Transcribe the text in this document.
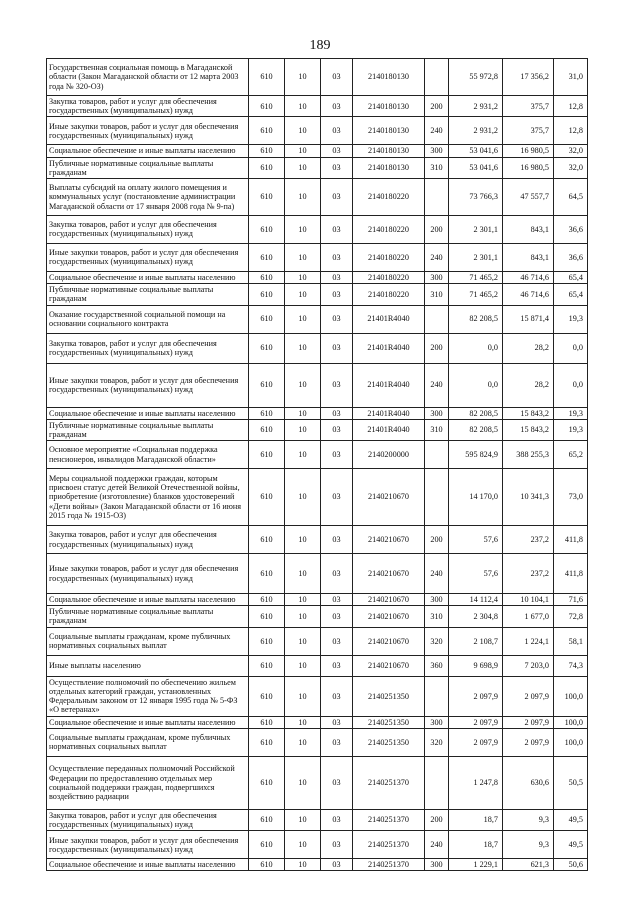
189
Государственная социальная помощь в Магаданской области (Закон Магаданской области от 12 марта 2003 года № 320-ОЗ)	610	10	03	2140180130		55 972,8	17 356,2	31,0
Закупка товаров, работ и услуг для обеспечения государственных (муниципальных) нужд	610	10	03	2140180130	200	2 931,2	375,7	12,8
Иные закупки товаров, работ и услуг для обеспечения государственных (муниципальных) нужд	610	10	03	2140180130	240	2 931,2	375,7	12,8
Социальное обеспечение и иные выплаты населению	610	10	03	2140180130	300	53 041,6	16 980,5	32,0
Публичные нормативные социальные выплаты гражданам	610	10	03	2140180130	310	53 041,6	16 980,5	32,0
Выплаты субсидий на оплату жилого помещения и коммунальных услуг (постановление администрации Магаданской области от 17 января 2008 года № 9-па)	610	10	03	2140180220		73 766,3	47 557,7	64,5
Закупка товаров, работ и услуг для обеспечения государственных (муниципальных) нужд	610	10	03	2140180220	200	2 301,1	843,1	36,6
Иные закупки товаров, работ и услуг для обеспечения государственных (муниципальных) нужд	610	10	03	2140180220	240	2 301,1	843,1	36,6
Социальное обеспечение и иные выплаты населению	610	10	03	2140180220	300	71 465,2	46 714,6	65,4
Публичные нормативные социальные выплаты гражданам	610	10	03	2140180220	310	71 465,2	46 714,6	65,4
Оказание государственной социальной помощи на основании социального контракта	610	10	03	21401R4040		82 208,5	15 871,4	19,3
Закупка товаров, работ и услуг для обеспечения государственных (муниципальных) нужд	610	10	03	21401R4040	200	0,0	28,2	0,0
Иные закупки товаров, работ и услуг для обеспечения государственных (муниципальных) нужд	610	10	03	21401R4040	240	0,0	28,2	0,0
Социальное обеспечение и иные выплаты населению	610	10	03	21401R4040	300	82 208,5	15 843,2	19,3
Публичные нормативные социальные выплаты гражданам	610	10	03	21401R4040	310	82 208,5	15 843,2	19,3
Основное мероприятие «Социальная поддержка пенсионеров, инвалидов Магаданской области»	610	10	03	2140200000		595 824,9	388 255,3	65,2
Меры социальной поддержки граждан, которым присвоен статус детей Великой Отечественной войны, приобретение (изготовление) бланков удостоверений «Дети войны» (Закон Магаданской области от 16 июня 2015 года № 1915-ОЗ)	610	10	03	2140210670		14 170,0	10 341,3	73,0
Закупка товаров, работ и услуг для обеспечения государственных (муниципальных) нужд	610	10	03	2140210670	200	57,6	237,2	411,8
Иные закупки товаров, работ и услуг для обеспечения государственных (муниципальных) нужд	610	10	03	2140210670	240	57,6	237,2	411,8
Социальное обеспечение и иные выплаты населению	610	10	03	2140210670	300	14 112,4	10 104,1	71,6
Публичные нормативные социальные выплаты гражданам	610	10	03	2140210670	310	2 304,8	1 677,0	72,8
Социальные выплаты гражданам, кроме публичных нормативных социальных выплат	610	10	03	2140210670	320	2 108,7	1 224,1	58,1
Иные выплаты населению	610	10	03	2140210670	360	9 698,9	7 203,0	74,3
Осуществление полномочий по обеспечению жильем отдельных категорий граждан, установленных Федеральным законом от 12 января 1995 года № 5-ФЗ «О ветеранах»	610	10	03	2140251350		2 097,9	2 097,9	100,0
Социальное обеспечение и иные выплаты населению	610	10	03	2140251350	300	2 097,9	2 097,9	100,0
Социальные выплаты гражданам, кроме публичных нормативных социальных выплат	610	10	03	2140251350	320	2 097,9	2 097,9	100,0
Осуществление переданных полномочий Российской Федерации по предоставлению отдельных мер социальной поддержки граждан, подвергшихся воздействию радиации	610	10	03	2140251370		1 247,8	630,6	50,5
Закупка товаров, работ и услуг для обеспечения государственных (муниципальных) нужд	610	10	03	2140251370	200	18,7	9,3	49,5
Иные закупки товаров, работ и услуг для обеспечения государственных (муниципальных) нужд	610	10	03	2140251370	240	18,7	9,3	49,5
Социальное обеспечение и иные выплаты населению	610	10	03	2140251370	300	1 229,1	621,3	50,6
